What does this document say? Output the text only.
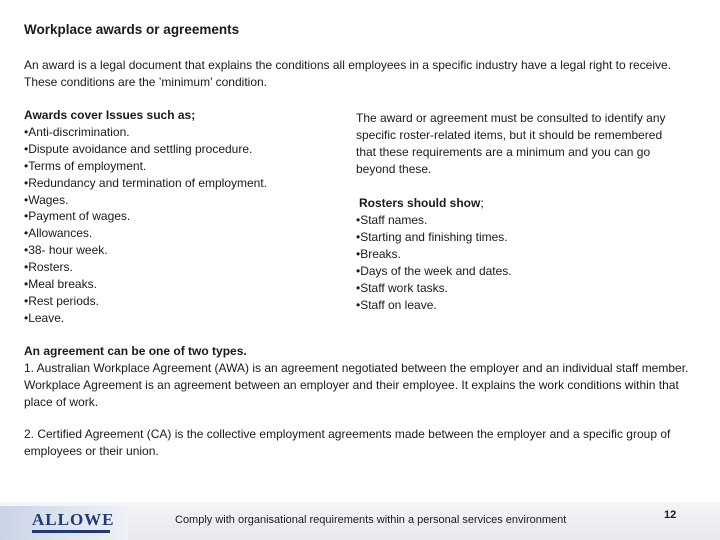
Workplace awards or agreements
An award is a legal document that explains the conditions all employees in a specific industry have a legal right to receive. These conditions are the ’minimum’ condition.
Awards cover Issues such as;
• Anti-discrimination.
• Dispute avoidance and settling procedure.
• Terms of employment.
• Redundancy and termination of employment.
• Wages.
• Payment of wages.
• Allowances.
• 38- hour week.
• Rosters.
• Meal breaks.
• Rest periods.
• Leave.
The award or agreement must be consulted to identify any specific roster-related items, but it should be remembered that these requirements are a minimum and you can go beyond these.
Rosters should show;
• Staff names.
• Starting and finishing times.
• Breaks.
• Days of the week and dates.
• Staff work tasks.
• Staff on leave.
An agreement can be one of two types.
1. Australian Workplace Agreement (AWA) is an agreement negotiated between the employer and an individual staff member. Workplace Agreement is an agreement between an employer and their employee. It explains the work conditions within that place of work.
2. Certified Agreement (CA) is the collective employment agreements made between the employer and a specific group of employees or their union.
ALLOWE	Comply with organisational requirements within a personal services environment	12
